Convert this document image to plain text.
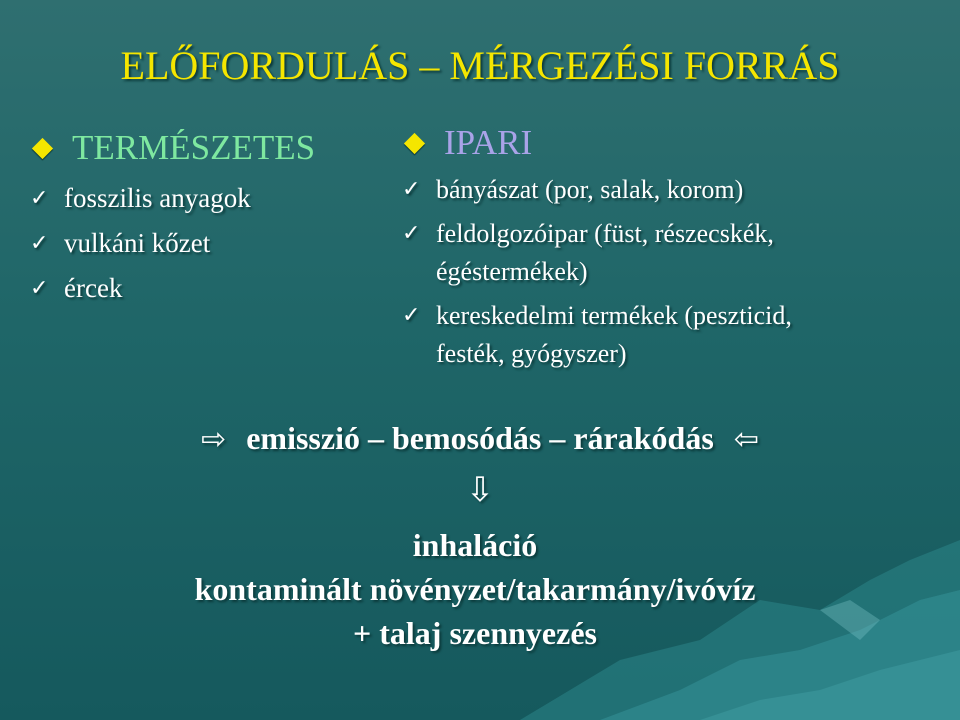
ELŐFORDULÁS – MÉRGEZÉSI FORRÁS
TERMÉSZETES
✓ fosszilis anyagok
✓ vulkáni kőzet
✓ ércek
IPARI
✓ bányászat (por, salak, korom)
✓ feldolgozóipar (füst, részecskék, égéstermékek)
✓ kereskedelmi termékek (peszticid, festék, gyógyszer)
⇨ emisszió – bemosódás – rárakódás ⇦
⇩
inhaláció
kontaminált növényzet/takarmány/ivóvíz
+ talaj szennyezés
